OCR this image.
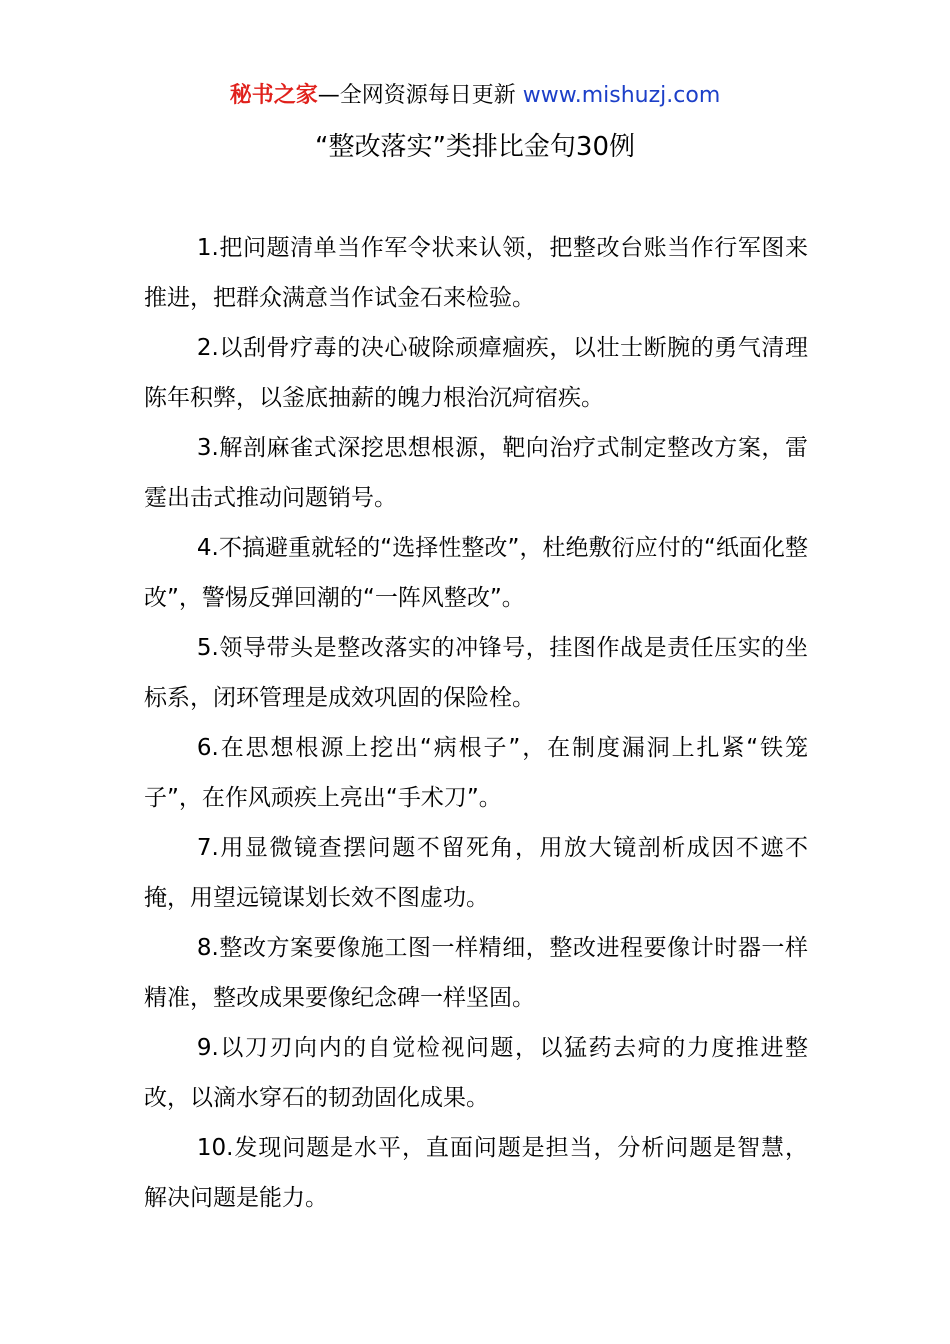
秘书之家—全网资源每日更新 www.mishuzj.com
“整改落实”类排比金句30例

1.把问题清单当作军令状来认领，把整改台账当作行军图来推进，把群众满意当作试金石来检验。

2.以刮骨疗毒的决心破除顽瘴痼疾，以壮士断腕的勇气清理陈年积弊，以釜底抽薪的魄力根治沉疴宿疾。

3.解剖麻雀式深挖思想根源，靶向治疗式制定整改方案，雷霆出击式推动问题销号。

4.不搞避重就轻的“选择性整改”，杜绝敷衍应付的“纸面化整改”，警惕反弹回潮的“一阵风整改”。

5.领导带头是整改落实的冲锋号，挂图作战是责任压实的坐标系，闭环管理是成效巩固的保险栓。

6.在思想根源上挖出“病根子”，在制度漏洞上扎紧“铁笼子”，在作风顽疾上亮出“手术刀”。

7.用显微镜查摆问题不留死角，用放大镜剖析成因不遮不掩，用望远镜谋划长效不图虚功。

8.整改方案要像施工图一样精细，整改进程要像计时器一样精准，整改成果要像纪念碑一样坚固。

9.以刀刃向内的自觉检视问题，以猛药去疴的力度推进整改，以滴水穿石的韧劲固化成果。

10.发现问题是水平，直面问题是担当，分析问题是智慧，解决问题是能力。
